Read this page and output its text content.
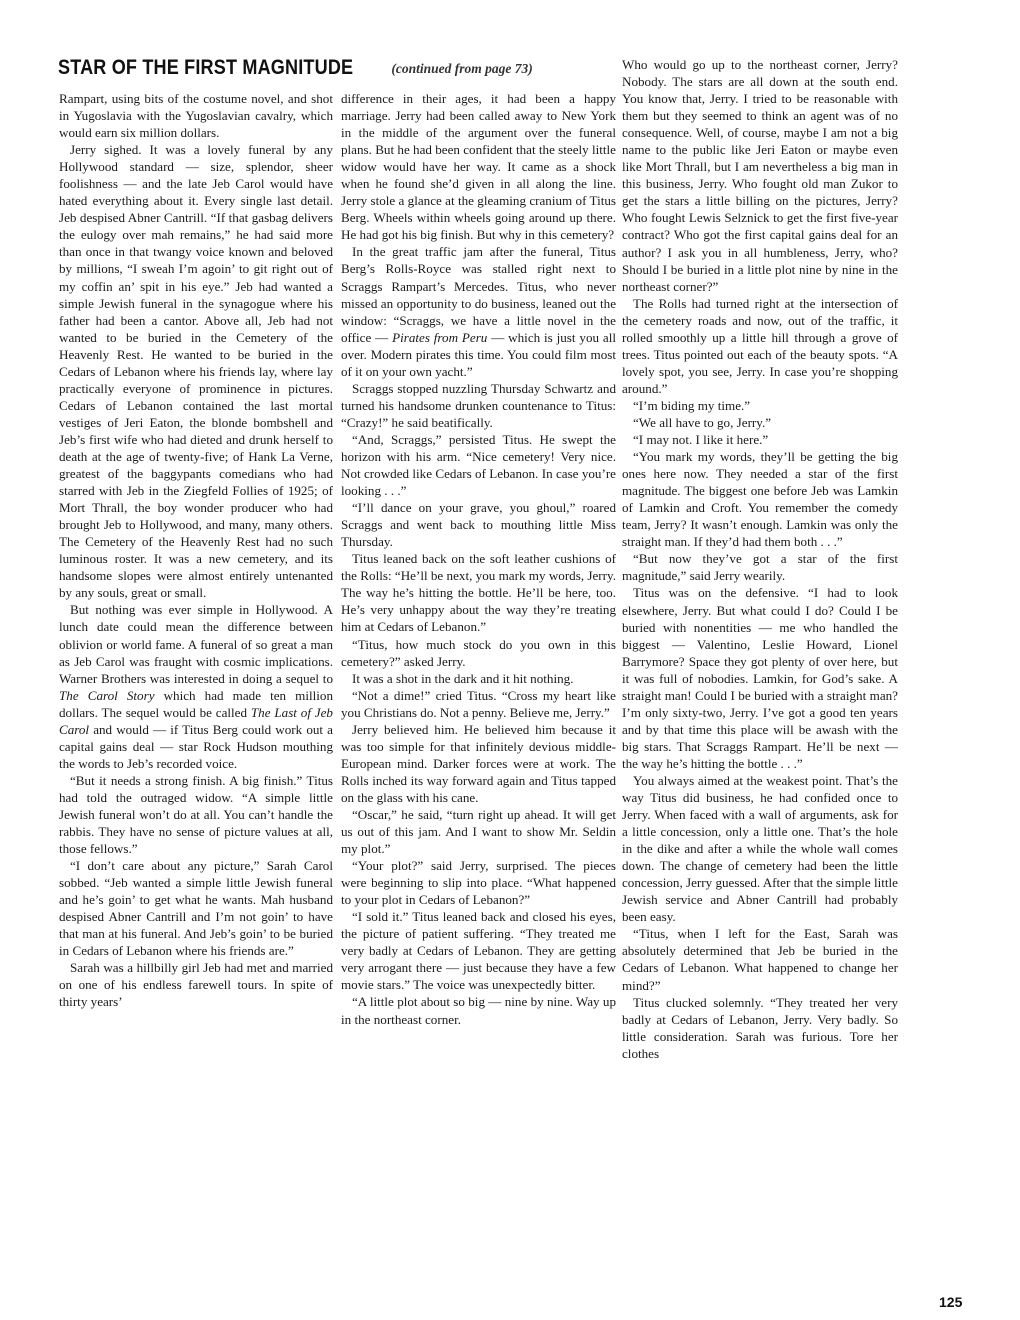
STAR OF THE FIRST MAGNITUDE	(continued from page 73)

Rampart, using bits of the costume novel, and shot in Yugoslavia with the Yugoslavian cavalry, which would earn six million dollars.

Jerry sighed. It was a lovely funeral by any Hollywood standard — size, splendor, sheer foolishness — and the late Jeb Carol would have hated everything about it. Every single last detail. Jeb despised Abner Cantrill. “If that gasbag delivers the eulogy over mah remains,” he had said more than once in that twangy voice known and beloved by millions, “I sweah I’m agoin’ to git right out of my coffin an’ spit in his eye.” Jeb had wanted a simple Jewish funeral in the synagogue where his father had been a cantor. Above all, Jeb had not wanted to be buried in the Cemetery of the Heavenly Rest. He wanted to be buried in the Cedars of Lebanon where his friends lay, where lay practically everyone of prominence in pictures. Cedars of Lebanon contained the last mortal vestiges of Jeri Eaton, the blonde bombshell and Jeb’s first wife who had dieted and drunk herself to death at the age of twenty-five; of Hank La Verne, greatest of the baggypants comedians who had starred with Jeb in the Ziegfeld Follies of 1925; of Mort Thrall, the boy wonder producer who had brought Jeb to Hollywood, and many, many others. The Cemetery of the Heavenly Rest had no such luminous roster. It was a new cemetery, and its handsome slopes were almost entirely untenanted by any souls, great or small.

But nothing was ever simple in Hollywood. A lunch date could mean the difference between oblivion or world fame. A funeral of so great a man as Jeb Carol was fraught with cosmic implications. Warner Brothers was interested in doing a sequel to The Carol Story which had made ten million dollars. The sequel would be called The Last of Jeb Carol and would — if Titus Berg could work out a capital gains deal — star Rock Hudson mouthing the words to Jeb’s recorded voice.

“But it needs a strong finish. A big finish.” Titus had told the outraged widow. “A simple little Jewish funeral won’t do at all. You can’t handle the rabbis. They have no sense of picture values at all, those fellows.”

“I don’t care about any picture,” Sarah Carol sobbed. “Jeb wanted a simple little Jewish funeral and he’s goin’ to get what he wants. Mah husband despised Abner Cantrill and I’m not goin’ to have that man at his funeral. And Jeb’s goin’ to be buried in Cedars of Lebanon where his friends are.”

Sarah was a hillbilly girl Jeb had met and married on one of his endless farewell tours. In spite of thirty years’

difference in their ages, it had been a happy marriage. Jerry had been called away to New York in the middle of the argument over the funeral plans. But he had been confident that the steely little widow would have her way. It came as a shock when he found she’d given in all along the line. Jerry stole a glance at the gleaming cranium of Titus Berg. Wheels within wheels going around up there. He had got his big finish. But why in this cemetery?

In the great traffic jam after the funeral, Titus Berg’s Rolls-Royce was stalled right next to Scraggs Rampart’s Mercedes. Titus, who never missed an opportunity to do business, leaned out the window: “Scraggs, we have a little novel in the office — Pirates from Peru — which is just you all over. Modern pirates this time. You could film most of it on your own yacht.”

Scraggs stopped nuzzling Thursday Schwartz and turned his handsome drunken countenance to Titus: “Crazy!” he said beatifically.

“And, Scraggs,” persisted Titus. He swept the horizon with his arm. “Nice cemetery! Very nice. Not crowded like Cedars of Lebanon. In case you’re looking . . .”

“I’ll dance on your grave, you ghoul,” roared Scraggs and went back to mouthing little Miss Thursday.

Titus leaned back on the soft leather cushions of the Rolls: “He’ll be next, you mark my words, Jerry. The way he’s hitting the bottle. He’ll be here, too. He’s very unhappy about the way they’re treating him at Cedars of Lebanon.”

“Titus, how much stock do you own in this cemetery?” asked Jerry.

It was a shot in the dark and it hit nothing.

“Not a dime!” cried Titus. “Cross my heart like you Christians do. Not a penny. Believe me, Jerry.”

Jerry believed him. He believed him because it was too simple for that infinitely devious middle-European mind. Darker forces were at work. The Rolls inched its way forward again and Titus tapped on the glass with his cane.

“Oscar,” he said, “turn right up ahead. It will get us out of this jam. And I want to show Mr. Seldin my plot.”

“Your plot?” said Jerry, surprised. The pieces were beginning to slip into place. “What happened to your plot in Cedars of Lebanon?”

“I sold it.” Titus leaned back and closed his eyes, the picture of patient suffering. “They treated me very badly at Cedars of Lebanon. They are getting very arrogant there — just because they have a few movie stars.” The voice was unexpectedly bitter.

“A little plot about so big — nine by nine. Way up in the northeast corner.

Who would go up to the northeast corner, Jerry? Nobody. The stars are all down at the south end. You know that, Jerry. I tried to be reasonable with them but they seemed to think an agent was of no consequence. Well, of course, maybe I am not a big name to the public like Jeri Eaton or maybe even like Mort Thrall, but I am nevertheless a big man in this business, Jerry. Who fought old man Zukor to get the stars a little billing on the pictures, Jerry? Who fought Lewis Selznick to get the first five-year contract? Who got the first capital gains deal for an author? I ask you in all humbleness, Jerry, who? Should I be buried in a little plot nine by nine in the northeast corner?”

The Rolls had turned right at the intersection of the cemetery roads and now, out of the traffic, it rolled smoothly up a little hill through a grove of trees. Titus pointed out each of the beauty spots. “A lovely spot, you see, Jerry. In case you’re shopping around.”

“I’m biding my time.”

“We all have to go, Jerry.”

“I may not. I like it here.”

“You mark my words, they’ll be getting the big ones here now. They needed a star of the first magnitude. The biggest one before Jeb was Lamkin of Lamkin and Croft. You remember the comedy team, Jerry? It wasn’t enough. Lamkin was only the straight man. If they’d had them both . . .”

“But now they’ve got a star of the first magnitude,” said Jerry wearily.

Titus was on the defensive. “I had to look elsewhere, Jerry. But what could I do? Could I be buried with nonentities — me who handled the biggest — Valentino, Leslie Howard, Lionel Barrymore? Space they got plenty of over here, but it was full of nobodies. Lamkin, for God’s sake. A straight man! Could I be buried with a straight man? I’m only sixty-two, Jerry. I’ve got a good ten years and by that time this place will be awash with the big stars. That Scraggs Rampart. He’ll be next — the way he’s hitting the bottle . . .”

You always aimed at the weakest point. That’s the way Titus did business, he had confided once to Jerry. When faced with a wall of arguments, ask for a little concession, only a little one. That’s the hole in the dike and after a while the whole wall comes down. The change of cemetery had been the little concession, Jerry guessed. After that the simple little Jewish service and Abner Cantrill had probably been easy.

“Titus, when I left for the East, Sarah was absolutely determined that Jeb be buried in the Cedars of Lebanon. What happened to change her mind?”

Titus clucked solemnly. “They treated her very badly at Cedars of Lebanon, Jerry. Very badly. So little consideration. Sarah was furious. Tore her clothes

125
